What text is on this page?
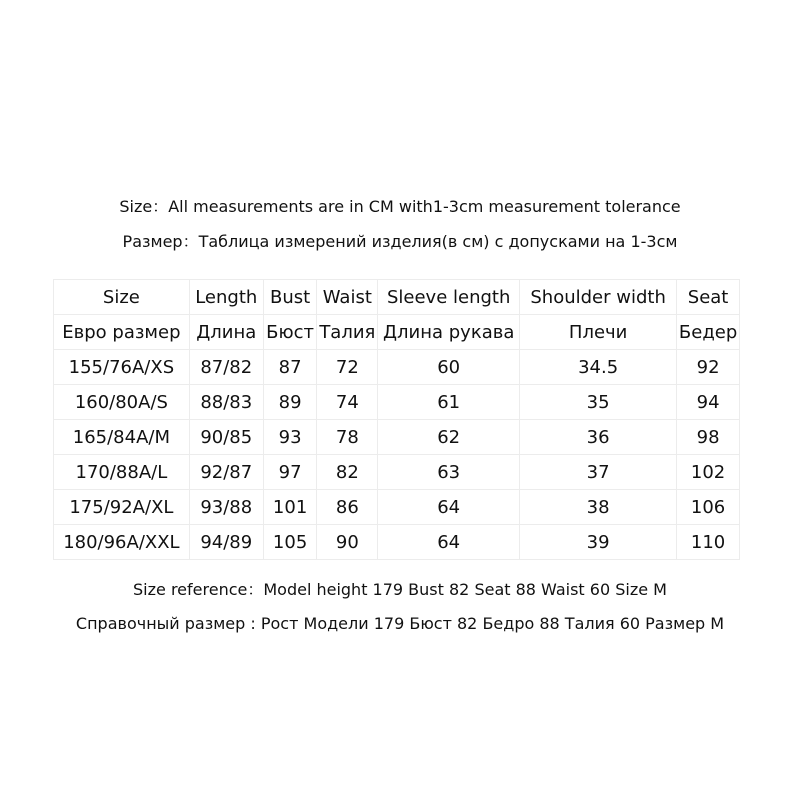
Size：All measurements are in CM with1-3cm measurement tolerance
Размер：Таблица измерений изделия(в см) с допусками на 1-3см
Size	Length	Bust	Waist	Sleeve length	Shoulder width	Seat
Евро размер	Длина	Бюст	Талия	Длина рукава	Плечи	Бедер
155/76A/XS	87/82	87	72	60	34.5	92
160/80A/S	88/83	89	74	61	35	94
165/84A/M	90/85	93	78	62	36	98
170/88A/L	92/87	97	82	63	37	102
175/92A/XL	93/88	101	86	64	38	106
180/96A/XXL	94/89	105	90	64	39	110
Size reference：Model height 179 Bust 82 Seat 88 Waist 60 Size M
Справочный размер : Рост Модели 179 Бюст 82 Бедро 88 Талия 60 Размер M
